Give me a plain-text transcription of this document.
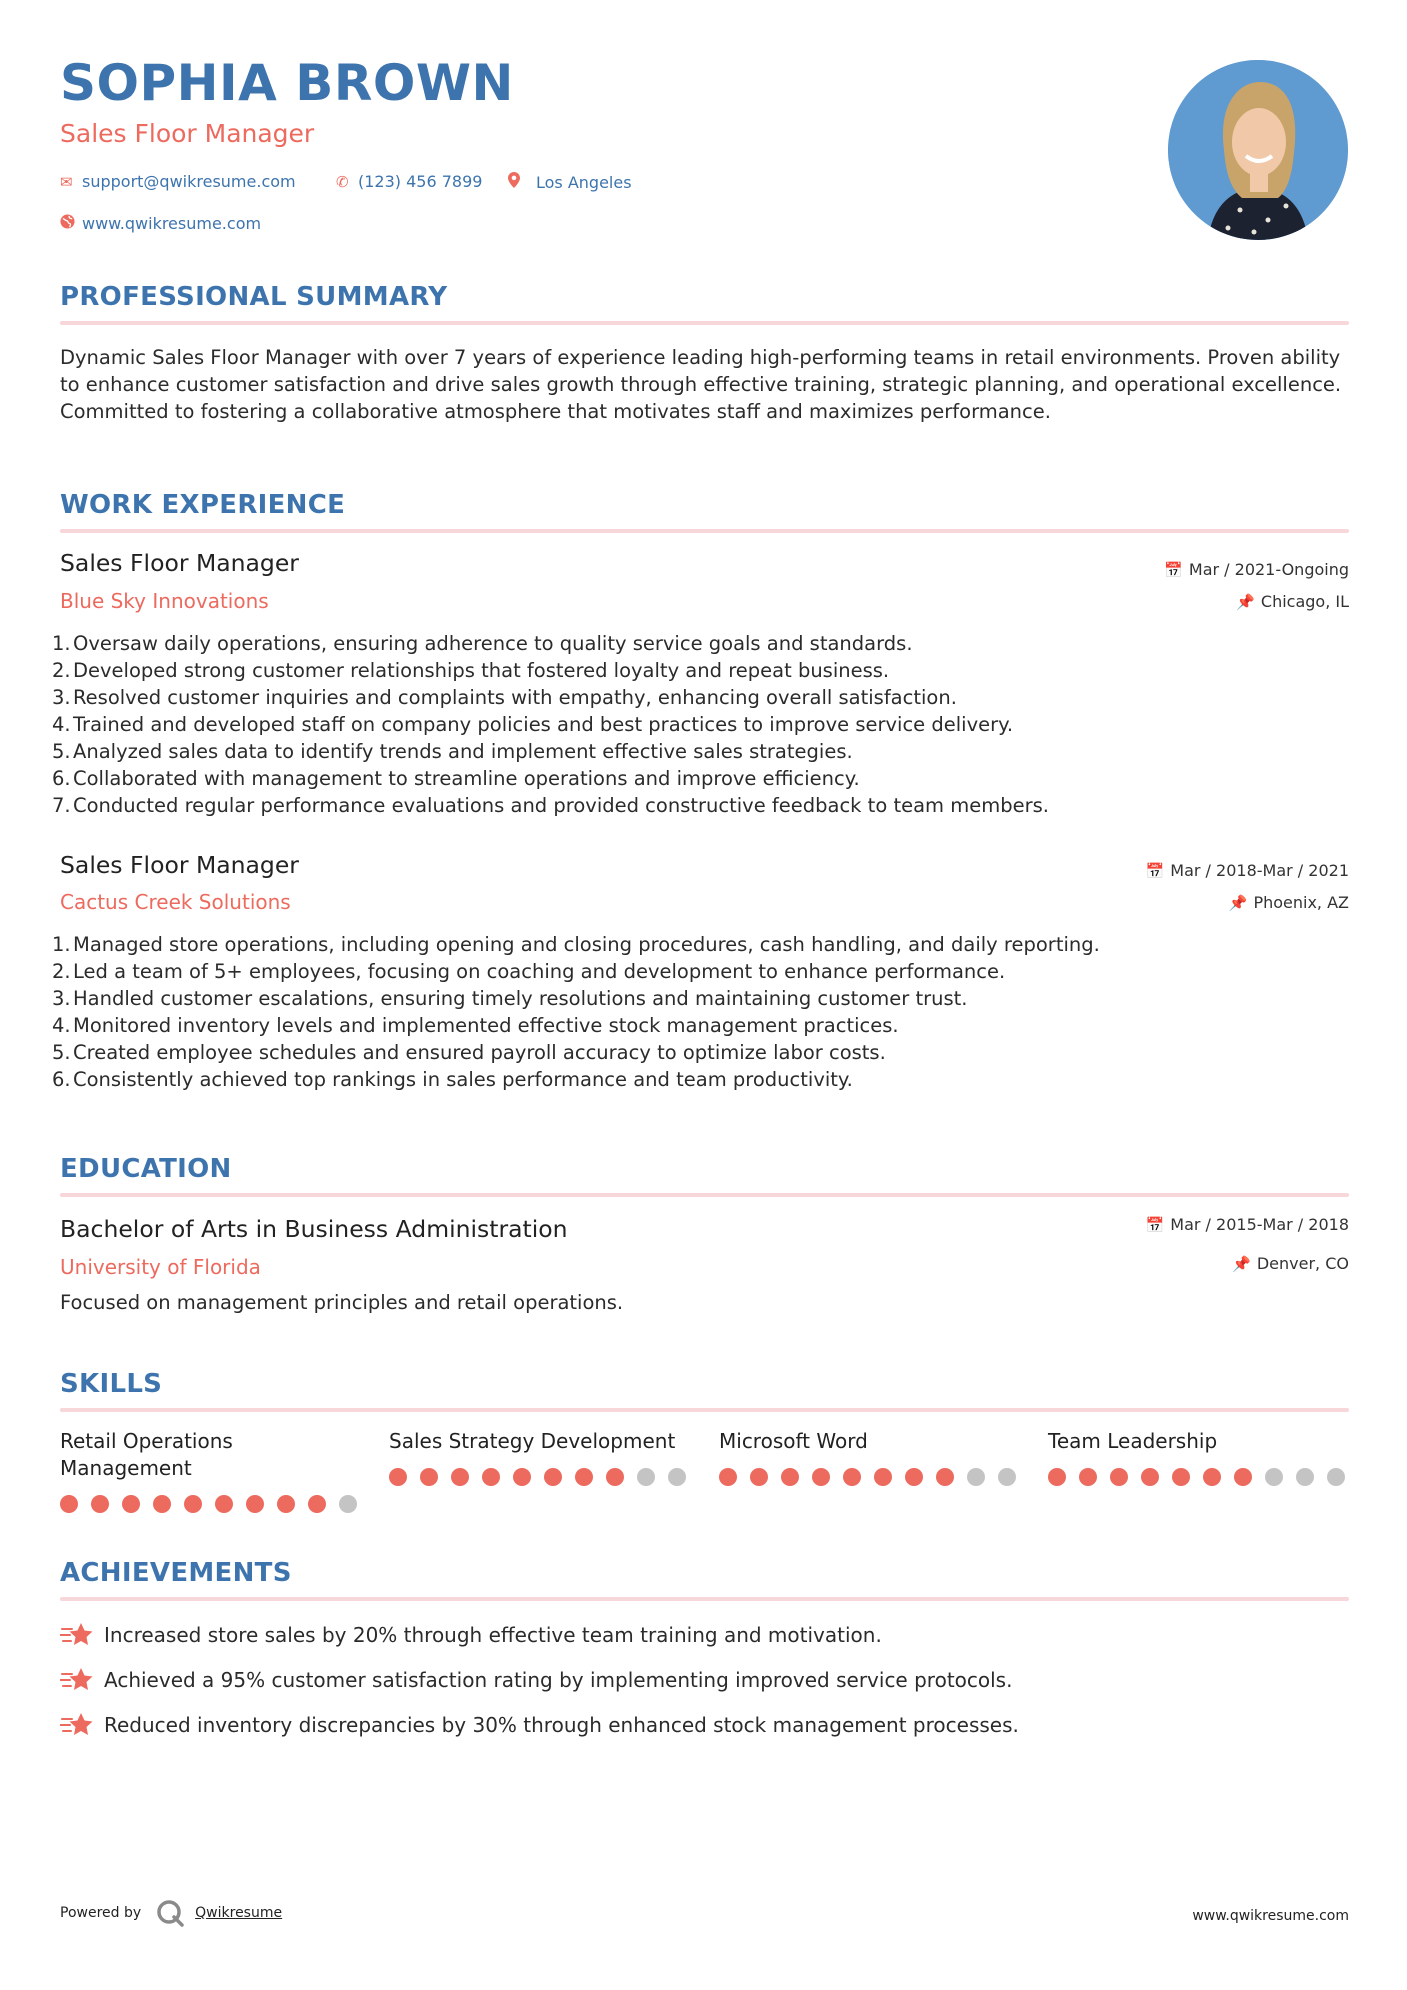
SOPHIA BROWN
Sales Floor Manager
✉ support@qwikresume.com	✆ (123) 456 7899	Los Angeles
www.qwikresume.com
PROFESSIONAL SUMMARY
Dynamic Sales Floor Manager with over 7 years of experience leading high-performing teams in retail environments. Proven ability to enhance customer satisfaction and drive sales growth through effective training, strategic planning, and operational excellence. Committed to fostering a collaborative atmosphere that motivates staff and maximizes performance.
WORK EXPERIENCE
Sales Floor Manager
Blue Sky Innovations
📅 Mar / 2021-Ongoing
📌 Chicago, IL
1. Oversaw daily operations, ensuring adherence to quality service goals and standards.
2. Developed strong customer relationships that fostered loyalty and repeat business.
3. Resolved customer inquiries and complaints with empathy, enhancing overall satisfaction.
4. Trained and developed staff on company policies and best practices to improve service delivery.
5. Analyzed sales data to identify trends and implement effective sales strategies.
6. Collaborated with management to streamline operations and improve efficiency.
7. Conducted regular performance evaluations and provided constructive feedback to team members.
Sales Floor Manager
Cactus Creek Solutions
📅 Mar / 2018-Mar / 2021
📌 Phoenix, AZ
1. Managed store operations, including opening and closing procedures, cash handling, and daily reporting.
2. Led a team of 5+ employees, focusing on coaching and development to enhance performance.
3. Handled customer escalations, ensuring timely resolutions and maintaining customer trust.
4. Monitored inventory levels and implemented effective stock management practices.
5. Created employee schedules and ensured payroll accuracy to optimize labor costs.
6. Consistently achieved top rankings in sales performance and team productivity.
EDUCATION
Bachelor of Arts in Business Administration
University of Florida
📅 Mar / 2015-Mar / 2018
📌 Denver, CO
Focused on management principles and retail operations.
SKILLS
Retail Operations Management
Sales Strategy Development	Microsoft Word	Team Leadership
ACHIEVEMENTS
Increased store sales by 20% through effective team training and motivation.
Achieved a 95% customer satisfaction rating by implementing improved service protocols.
Reduced inventory discrepancies by 30% through enhanced stock management processes.
Powered by	Qwikresume	www.qwikresume.com
